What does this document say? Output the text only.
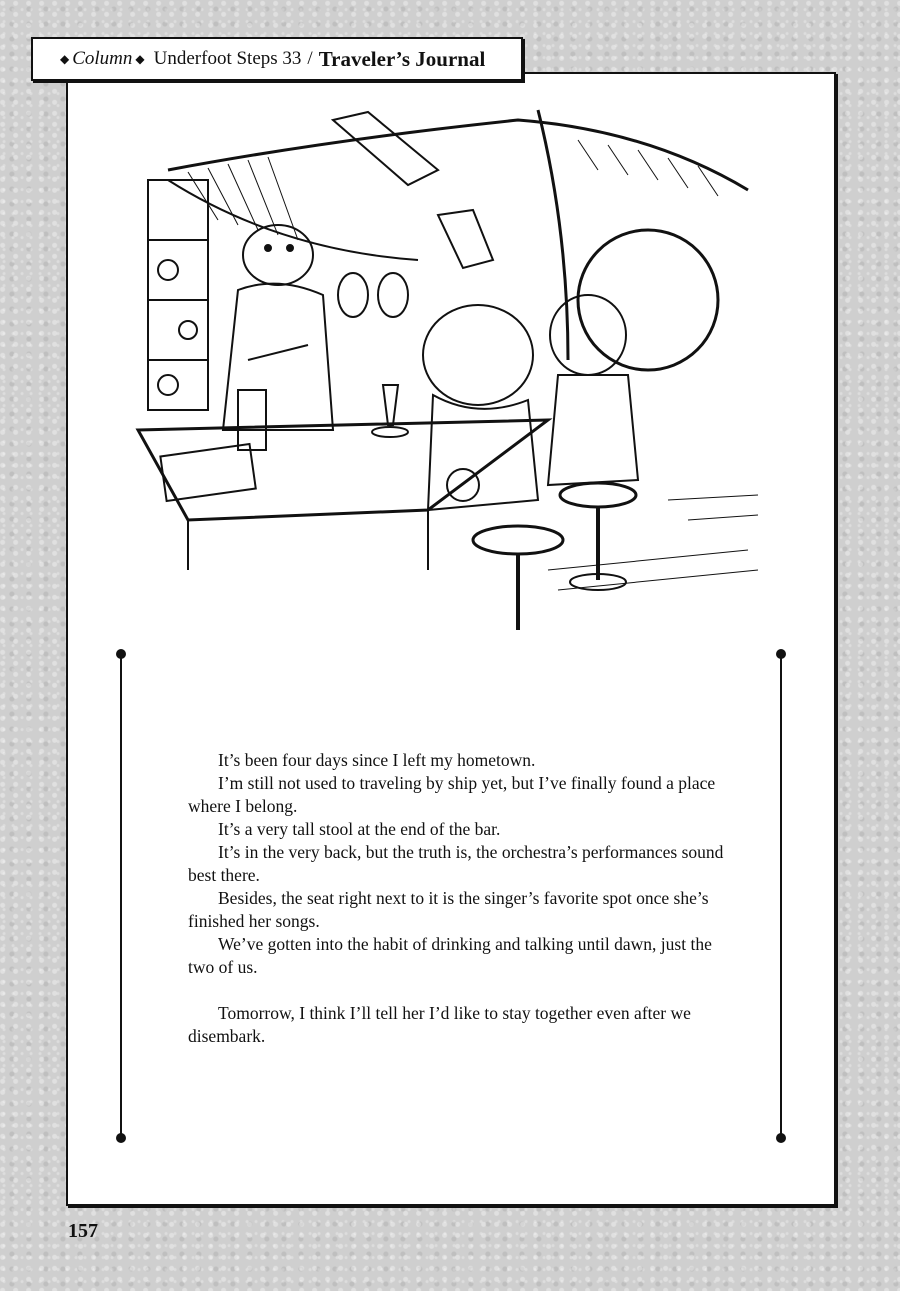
◆ Column ◆ Underfoot Steps 33 / Traveler’s Journal

It’s been four days since I left my hometown.

I’m still not used to traveling by ship yet, but I’ve finally found a place where I belong.

It’s a very tall stool at the end of the bar.

It’s in the very back, but the truth is, the orchestra’s performances sound best there.

Besides, the seat right next to it is the singer’s favorite spot once she’s finished her songs.

We’ve gotten into the habit of drinking and talking until dawn, just the two of us.

Tomorrow, I think I’ll tell her I’d like to stay together even after we disembark.

157
